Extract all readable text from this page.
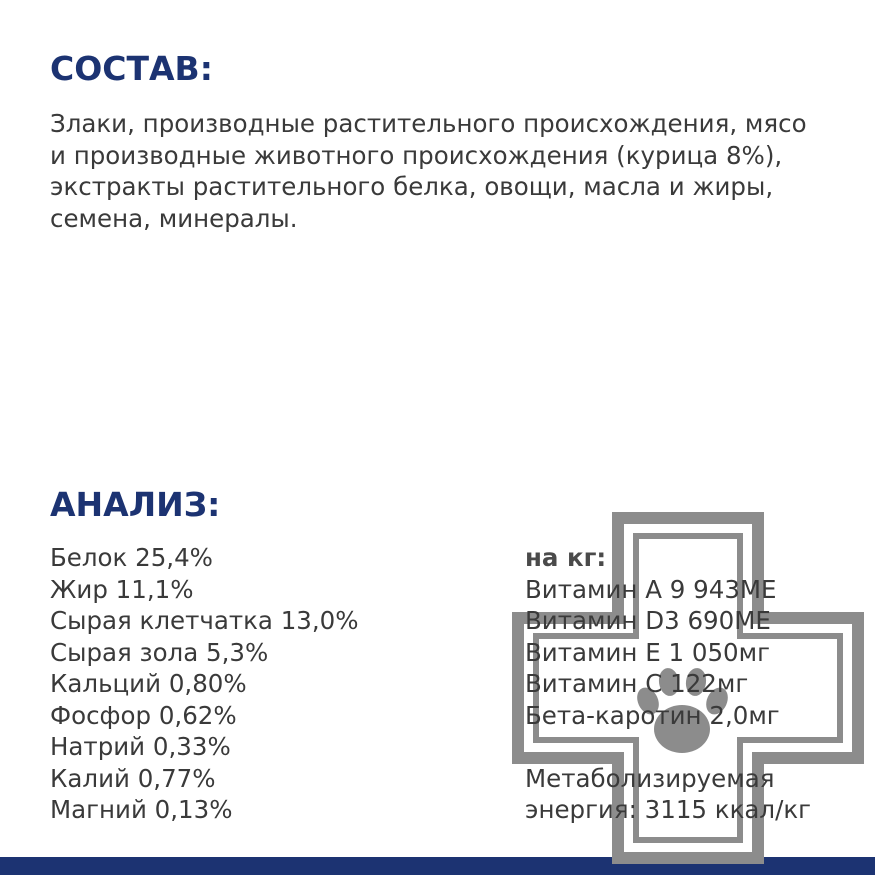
СОСТАВ:

Злаки, производные растительного происхождения, мясо
и производные животного происхождения (курица 8%),
экстракты растительного белка, овощи, масла и жиры,
семена, минералы.

АНАЛИЗ:
Белок 25,4%
Жир 11,1%
Сырая клетчатка 13,0%
Сырая зола 5,3%
Кальций 0,80%
Фосфор 0,62%
Натрий 0,33%
Калий 0,77%
Магний 0,13%
на кг:
Витамин A 9 943МЕ
Витамин D3 690МЕ
Витамин E 1 050мг
Витамин C 122мг
Бета-каротин 2,0мг
Метаболизируемая
энергия: 3115 ккал/кг
